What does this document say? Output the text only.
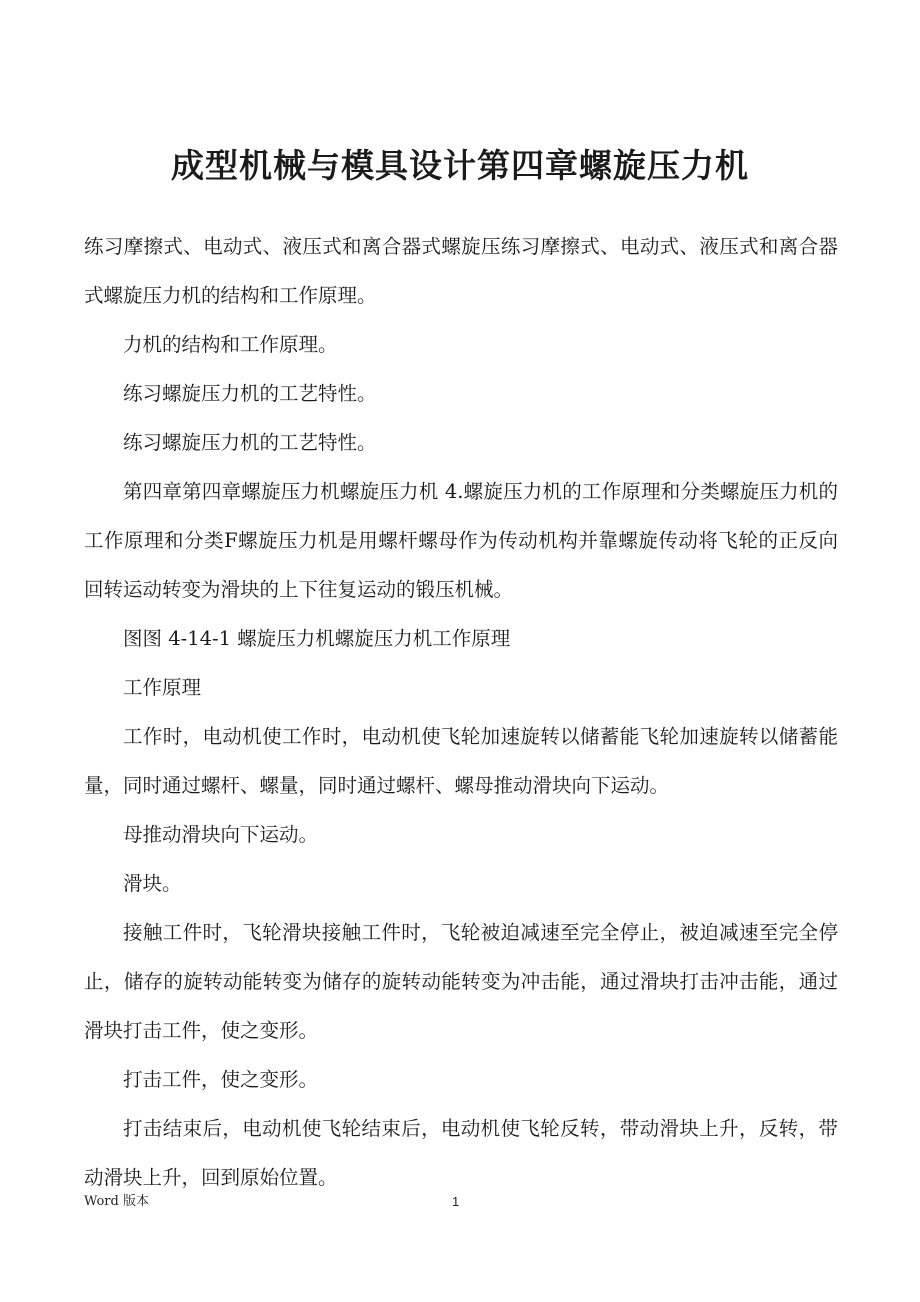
成型机械与模具设计第四章螺旋压力机

练习摩擦式、电动式、液压式和离合器式螺旋压练习摩擦式、电动式、液压式和离合器式螺旋压力机的结构和工作原理。

力机的结构和工作原理。

练习螺旋压力机的工艺特性。

练习螺旋压力机的工艺特性。

第四章第四章螺旋压力机螺旋压力机 4.螺旋压力机的工作原理和分类螺旋压力机的工作原理和分类F螺旋压力机是用螺杆螺母作为传动机构并靠螺旋传动将飞轮的正反向回转运动转变为滑块的上下往复运动的锻压机械。

图图 4-14-1 螺旋压力机螺旋压力机工作原理

工作原理

工作时，电动机使工作时，电动机使飞轮加速旋转以储蓄能飞轮加速旋转以储蓄能量，同时通过螺杆、螺量，同时通过螺杆、螺母推动滑块向下运动。

母推动滑块向下运动。

滑块。

接触工件时，飞轮滑块接触工件时，飞轮被迫减速至完全停止，被迫减速至完全停止，储存的旋转动能转变为储存的旋转动能转变为冲击能，通过滑块打击冲击能，通过滑块打击工件，使之变形。

打击工件，使之变形。

打击结束后，电动机使飞轮结束后，电动机使飞轮反转，带动滑块上升，反转，带动滑块上升，回到原始位置。

Word 版本	1
